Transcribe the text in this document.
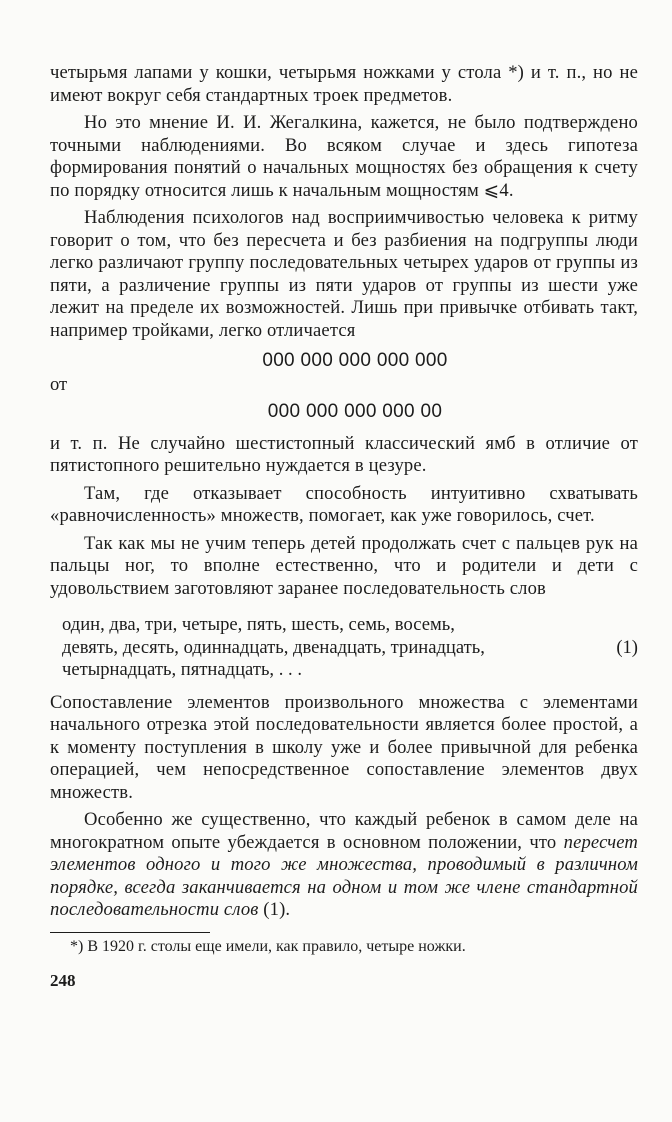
четырьмя лапами у кошки, четырьмя ножками у стола *) и т. п., но не имеют вокруг себя стандартных троек предметов.

Но это мнение И. И. Жегалкина, кажется, не было подтверждено точными наблюдениями. Во всяком случае и здесь гипотеза формирования понятий о начальных мощностях без обращения к счету по порядку относится лишь к начальным мощностям ⩽4.

Наблюдения психологов над восприимчивостью человека к ритму говорит о том, что без пересчета и без разбиения на подгруппы люди легко различают группу последовательных четырех ударов от группы из пяти, а различение группы из пяти ударов от группы из шести уже лежит на пределе их возможностей. Лишь при привычке отбивать такт, например тройками, легко отличается

000 000 000 000 000
от
000 000 000 000 00

и т. п. Не случайно шестистопный классический ямб в отличие от пятистопного решительно нуждается в цезуре.

Там, где отказывает способность интуитивно схватывать «равночисленность» множеств, помогает, как уже говорилось, счет.

Так как мы не учим теперь детей продолжать счет с пальцев рук на пальцы ног, то вполне естественно, что и родители и дети с удовольствием заготовляют заранее последовательность слов

один, два, три, четыре, пять, шесть, семь, восемь,
девять, десять, одиннадцать, двенадцать, тринадцать,
четырнадцать, пятнадцать, . . .
(1)

Сопоставление элементов произвольного множества с элементами начального отрезка этой последовательности является более простой, а к моменту поступления в школу уже и более привычной для ребенка операцией, чем непосредственное сопоставление элементов двух множеств.

Особенно же существенно, что каждый ребенок в самом деле на многократном опыте убеждается в основном положении, что пересчет элементов одного и того же множества, проводимый в различном порядке, всегда заканчивается на одном и том же члене стандартной последовательности слов (1).

*) В 1920 г. столы еще имели, как правило, четыре ножки.

248
